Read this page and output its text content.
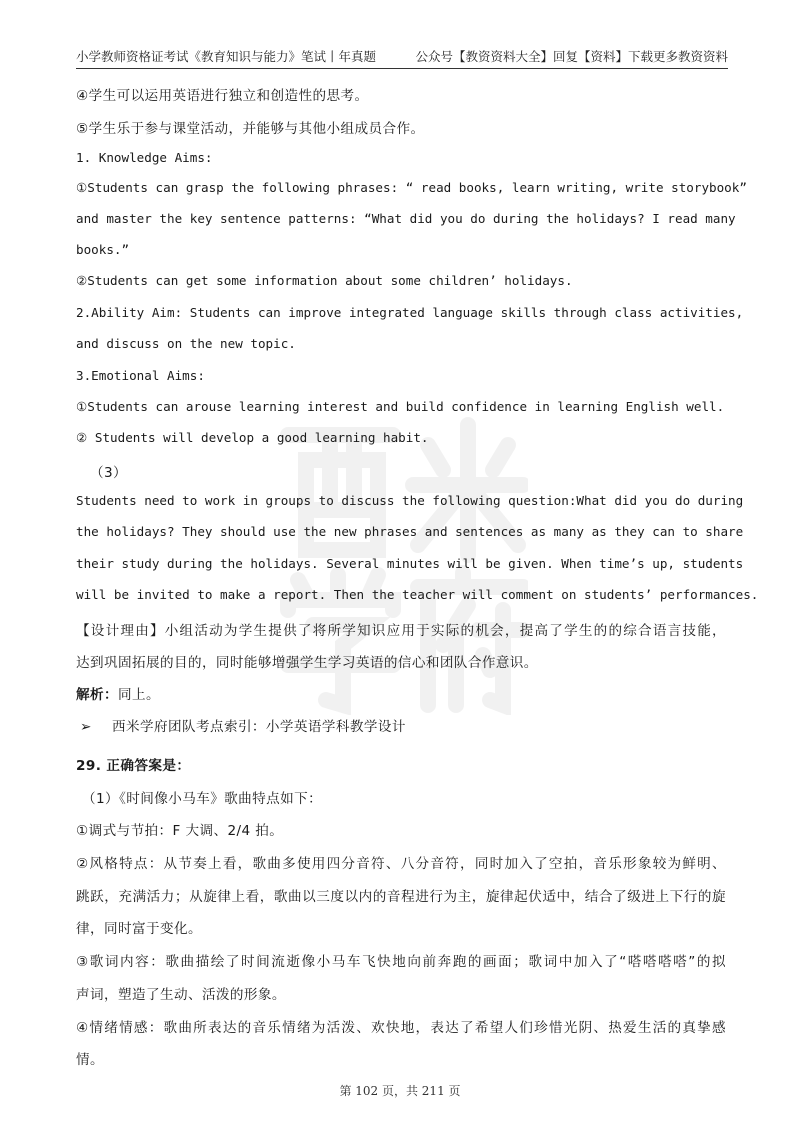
小学教师资格证考试《教育知识与能力》笔试丨年真题	公众号【教资资料大全】回复【资料】下载更多教资资料
④学生可以运用英语进行独立和创造性的思考。
⑤学生乐于参与课堂活动，并能够与其他小组成员合作。
1. Knowledge Aims:
①Students can grasp the following phrases: “ read books, learn writing, write storybook”
and master the key sentence patterns: “What did you do during the holidays? I read many
books.”
②Students can get some information about some children’ holidays.
2.Ability Aim: Students can improve integrated language skills through class activities,
and discuss on the new topic.
3.Emotional Aims:
①Students can arouse learning interest and build confidence in learning English well.
② Students will develop a good learning habit.
（3）
Students need to work in groups to discuss the following question:What did you do during
the holidays? They should use the new phrases and sentences as many as they can to share
their study during the holidays. Several minutes will be given. When time’s up, students
will be invited to make a report. Then the teacher will comment on students’ performances.
【设计理由】小组活动为学生提供了将所学知识应用于实际的机会，提高了学生的的综合语言技能，
达到巩固拓展的目的，同时能够增强学生学习英语的信心和团队合作意识。
解析：同上。
➢ 西米学府团队考点索引：小学英语学科教学设计
29. 正确答案是：
（1）《时间像小马车》歌曲特点如下：
①调式与节拍：F 大调、2/4 拍。
②风格特点：从节奏上看，歌曲多使用四分音符、八分音符，同时加入了空拍，音乐形象较为鲜明、
跳跃，充满活力；从旋律上看，歌曲以三度以内的音程进行为主，旋律起伏适中，结合了级进上下行的旋
律，同时富于变化。
③歌词内容：歌曲描绘了时间流逝像小马车飞快地向前奔跑的画面；歌词中加入了“嗒嗒嗒嗒”的拟
声词，塑造了生动、活泼的形象。
④情绪情感：歌曲所表达的音乐情绪为活泼、欢快地，表达了希望人们珍惜光阴、热爱生活的真挚感
情。
第 102 页，共 211 页
